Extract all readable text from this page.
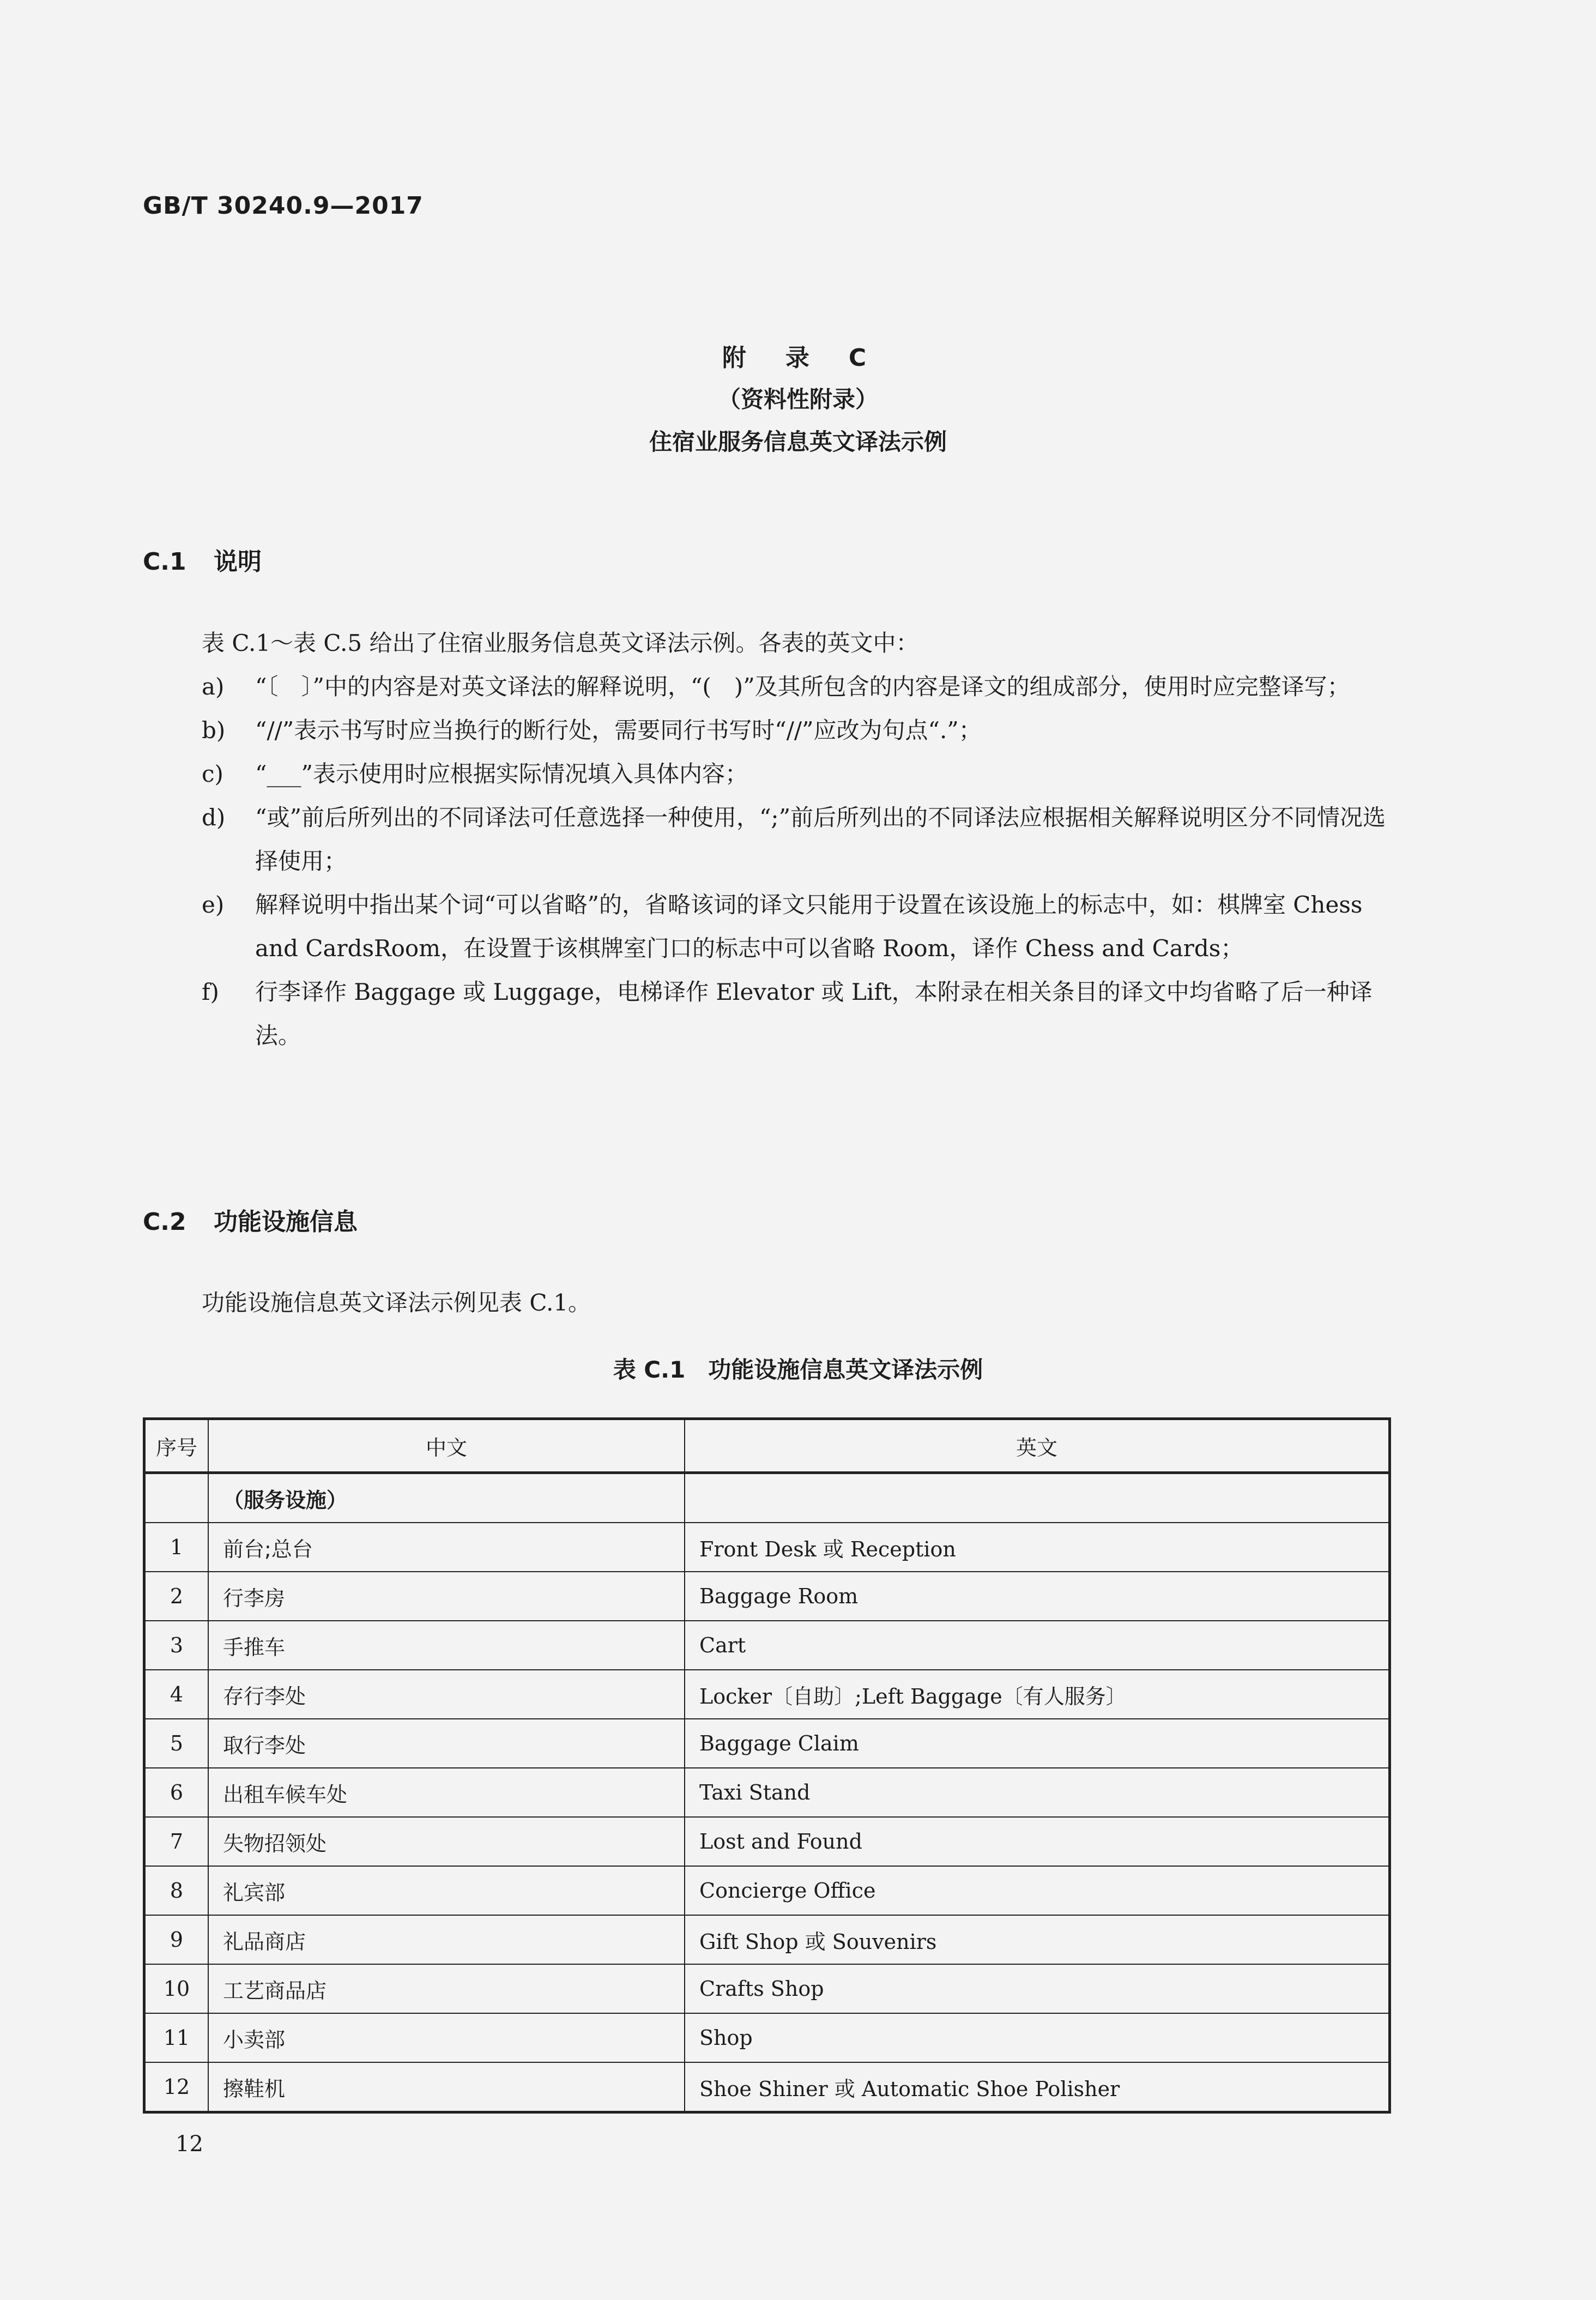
GB/T 30240.9—2017
附　录　C
（资料性附录）
住宿业服务信息英文译法示例
C.1 说明
表 C.1～表 C.5 给出了住宿业服务信息英文译法示例。各表的英文中：
a) “〔　〕”中的内容是对英文译法的解释说明，“(　)”及其所包含的内容是译文的组成部分，使用时应完整译写；
b) “//”表示书写时应当换行的断行处，需要同行书写时“//”应改为句点“.”；
c) “___”表示使用时应根据实际情况填入具体内容；
d) “或”前后所列出的不同译法可任意选择一种使用，“;”前后所列出的不同译法应根据相关解释说明区分不同情况选择使用；
e) 解释说明中指出某个词“可以省略”的，省略该词的译文只能用于设置在该设施上的标志中，如：棋牌室 Chess and CardsRoom，在设置于该棋牌室门口的标志中可以省略 Room，译作 Chess and Cards；
f) 行李译作 Baggage 或 Luggage，电梯译作 Elevator 或 Lift，本附录在相关条目的译文中均省略了后一种译法。
C.2 功能设施信息
功能设施信息英文译法示例见表 C.1。
表 C.1　功能设施信息英文译法示例
序号	中文	英文
	（服务设施）	
1	前台;总台	Front Desk 或 Reception
2	行李房	Baggage Room
3	手推车	Cart
4	存行李处	Locker〔自助〕;Left Baggage〔有人服务〕
5	取行李处	Baggage Claim
6	出租车候车处	Taxi Stand
7	失物招领处	Lost and Found
8	礼宾部	Concierge Office
9	礼品商店	Gift Shop 或 Souvenirs
10	工艺商品店	Crafts Shop
11	小卖部	Shop
12	擦鞋机	Shoe Shiner 或 Automatic Shoe Polisher
12
